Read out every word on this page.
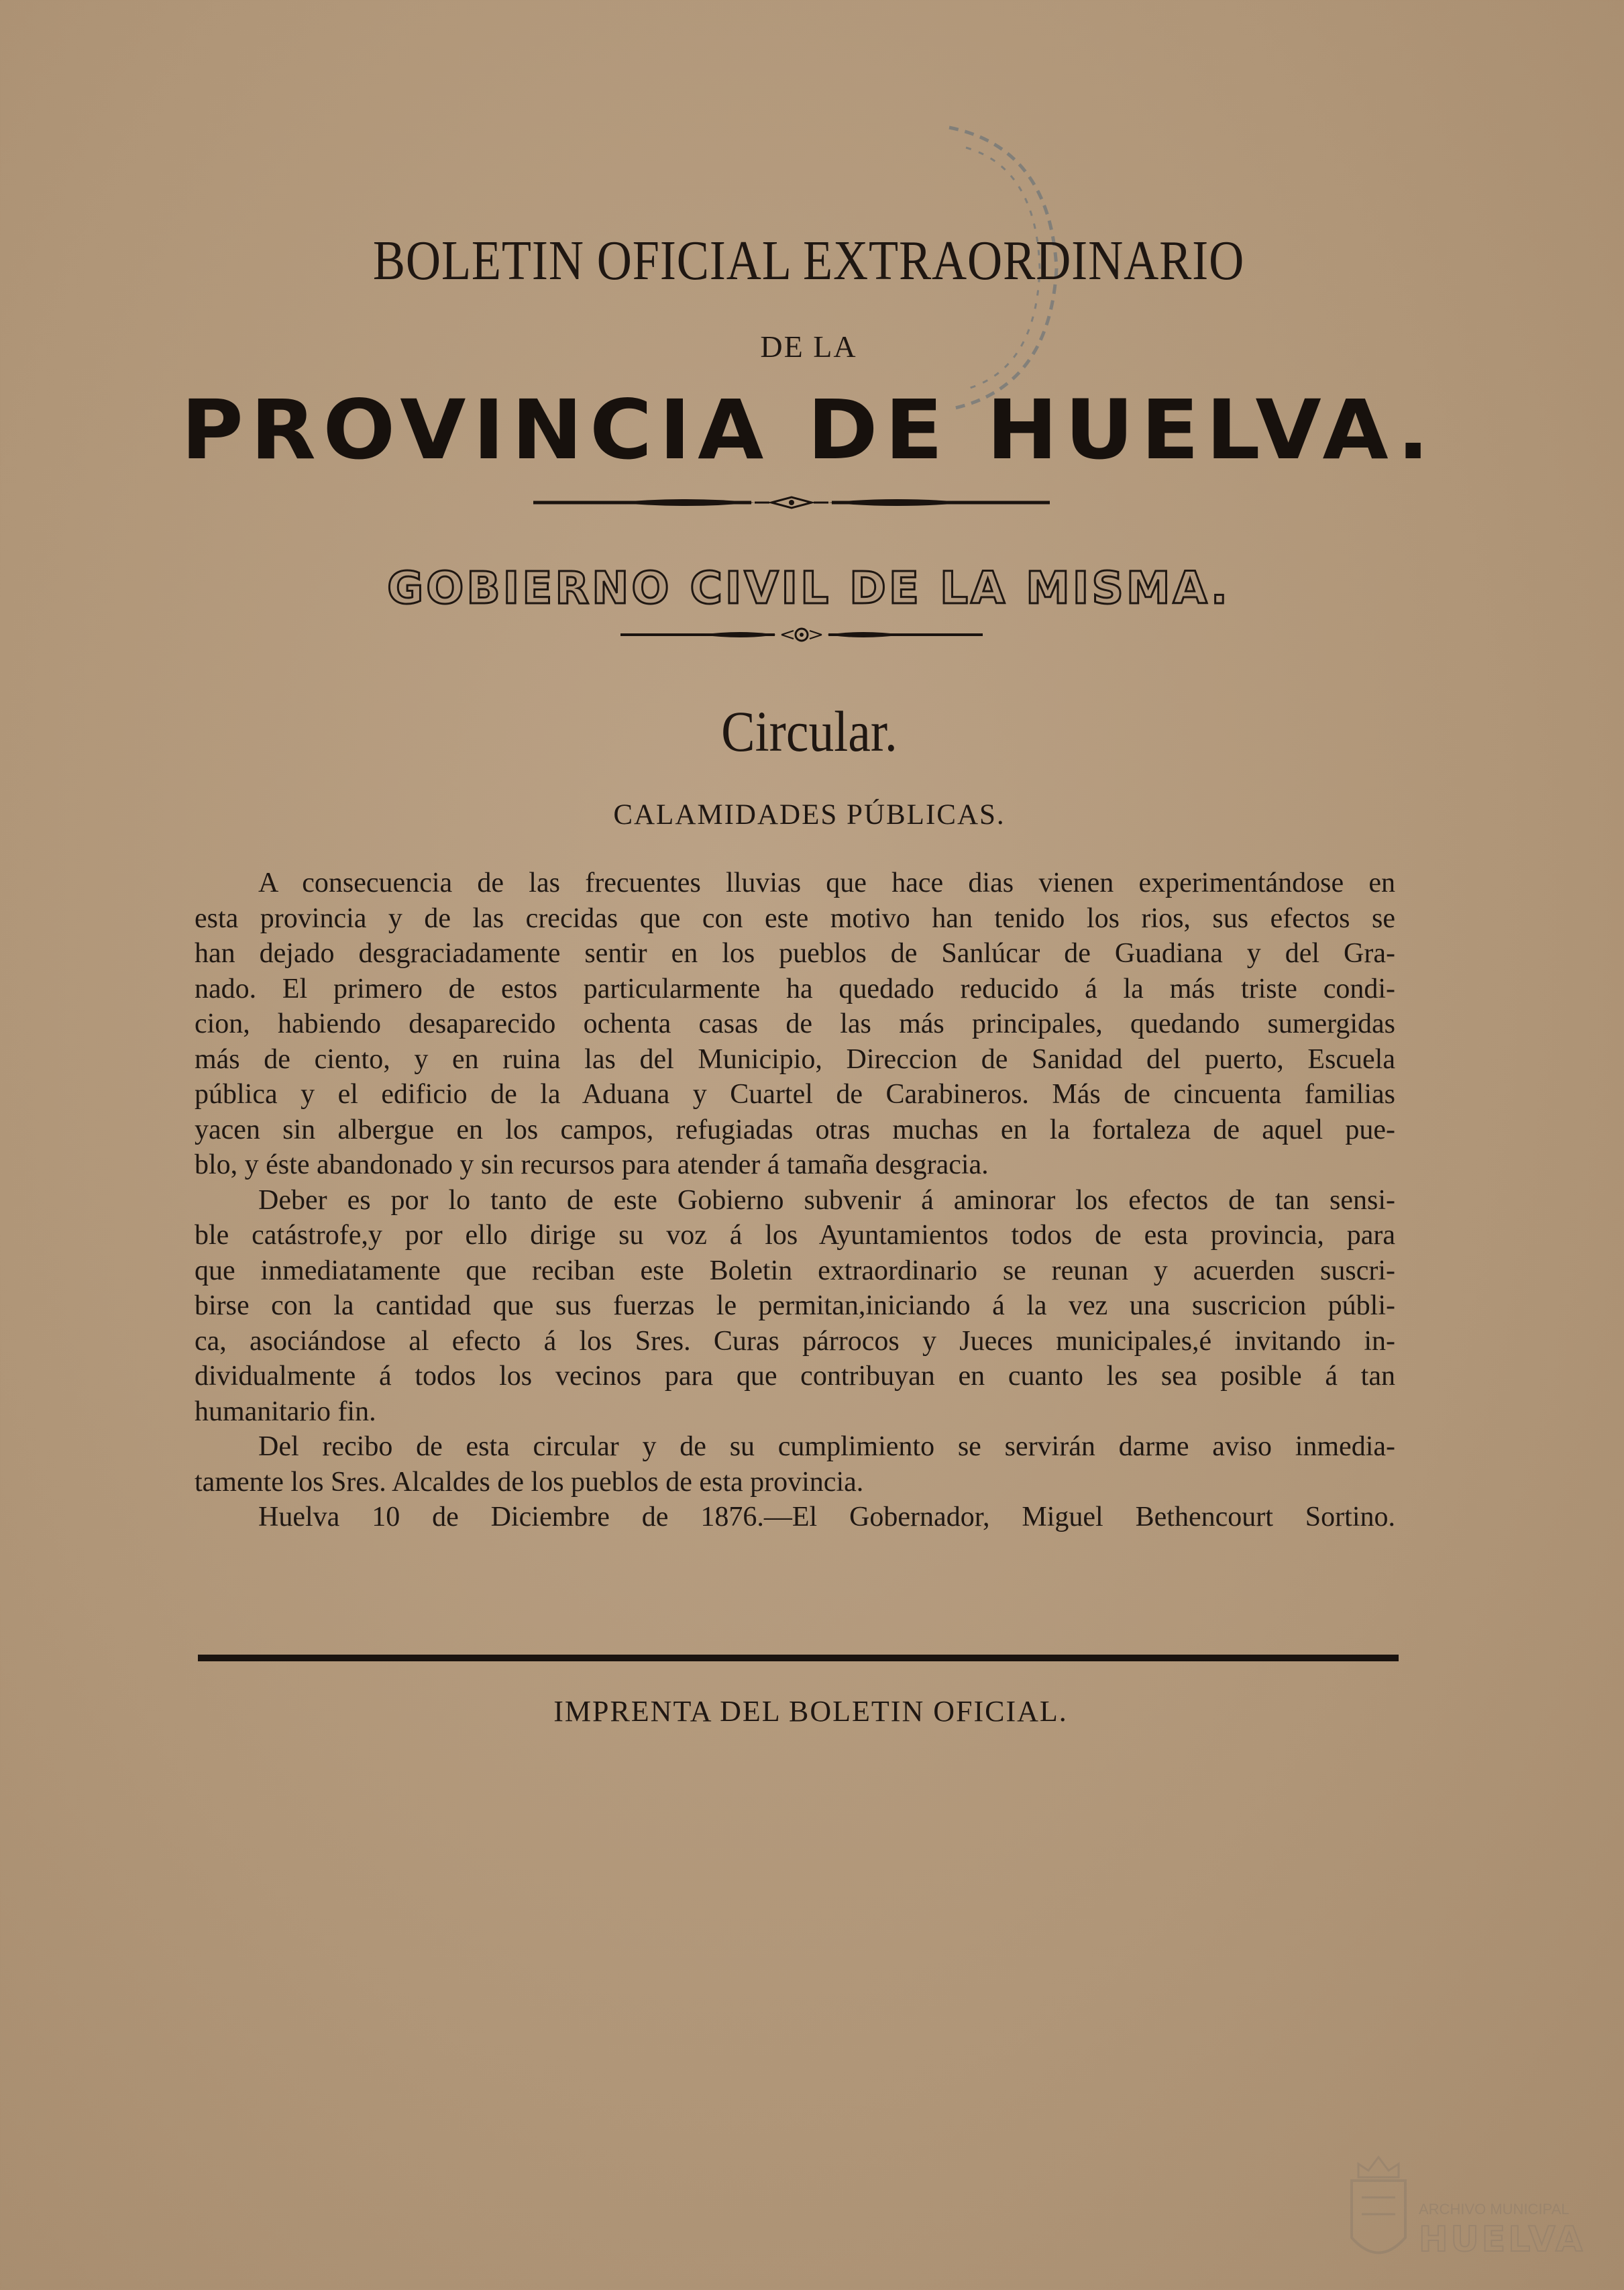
BOLETIN OFICIAL EXTRAORDINARIO
DE LA
PROVINCIA DE HUELVA.
GOBIERNO CIVIL DE LA MISMA.
Circular.
CALAMIDADES PÚBLICAS.
A consecuencia de las frecuentes lluvias que hace dias vienen experimentándose en
esta provincia y de las crecidas que con este motivo han tenido los rios, sus efectos se
han dejado desgraciadamente sentir en los pueblos de Sanlúcar de Guadiana y del Gra-
nado. El primero de estos particularmente ha quedado reducido á la más triste condi-
cion, habiendo desaparecido ochenta casas de las más principales, quedando sumergidas
más de ciento, y en ruina las del Municipio, Direccion de Sanidad del puerto, Escuela
pública y el edificio de la Aduana y Cuartel de Carabineros. Más de cincuenta familias
yacen sin albergue en los campos, refugiadas otras muchas en la fortaleza de aquel pue-
blo, y éste abandonado y sin recursos para atender á tamaña desgracia.
Deber es por lo tanto de este Gobierno subvenir á aminorar los efectos de tan sensi-
ble catástrofe,y por ello dirige su voz á los Ayuntamientos todos de esta provincia, para
que inmediatamente que reciban este Boletin extraordinario se reunan y acuerden suscri-
birse con la cantidad que sus fuerzas le permitan,iniciando á la vez una suscricion públi-
ca, asociándose al efecto á los Sres. Curas párrocos y Jueces municipales,é invitando in-
dividualmente á todos los vecinos para que contribuyan en cuanto les sea posible á tan
humanitario fin.
Del recibo de esta circular y de su cumplimiento se servirán darme aviso inmedia-
tamente los Sres. Alcaldes de los pueblos de esta provincia.
Huelva 10 de Diciembre de 1876.—El Gobernador, Miguel Bethencourt Sortino.
IMPRENTA DEL BOLETIN OFICIAL.
ARCHIVO MUNICIPAL
HUELVA
